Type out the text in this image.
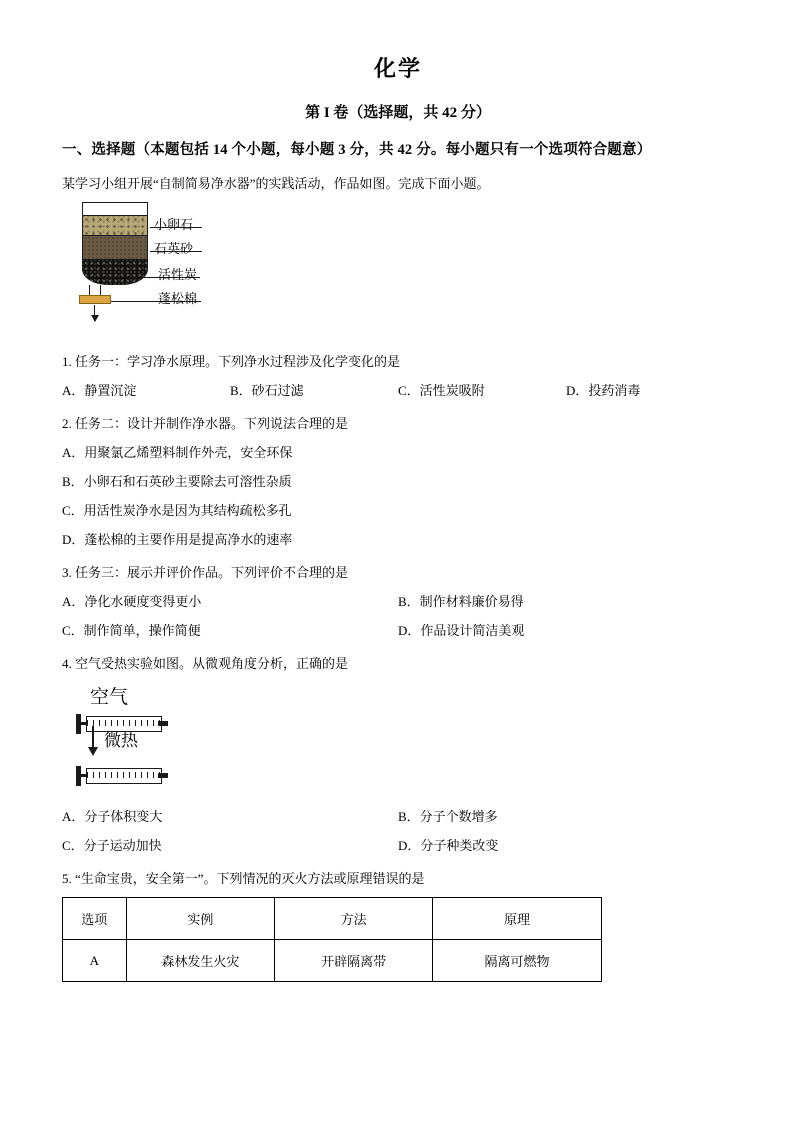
化学
第 I 卷（选择题，共 42 分）
一、选择题（本题包括 14 个小题，每小题 3 分，共 42 分。每小题只有一个选项符合题意）
某学习小组开展“自制简易净水器”的实践活动，作品如图。完成下面小题。
小卵石
石英砂
活性炭
蓬松棉
1. 任务一：学习净水原理。下列净水过程涉及化学变化的是
A．静置沉淀	B．砂石过滤	C．活性炭吸附	D．投药消毒
2. 任务二：设计并制作净水器。下列说法合理的是
A．用聚氯乙烯塑料制作外壳，安全环保
B．小卵石和石英砂主要除去可溶性杂质
C．用活性炭净水是因为其结构疏松多孔
D．蓬松棉的主要作用是提高净水的速率
3. 任务三：展示并评价作品。下列评价不合理的是
A．净化水硬度变得更小	B．制作材料廉价易得
C．制作简单，操作简便	D．作品设计简洁美观
4. 空气受热实验如图。从微观角度分析，正确的是
空气
微热
A．分子体积变大	B．分子个数增多
C．分子运动加快	D．分子种类改变
5. “生命宝贵，安全第一”。下列情况的灭火方法或原理错误的是
选项	实例	方法	原理
A	森林发生火灾	开辟隔离带	隔离可燃物
